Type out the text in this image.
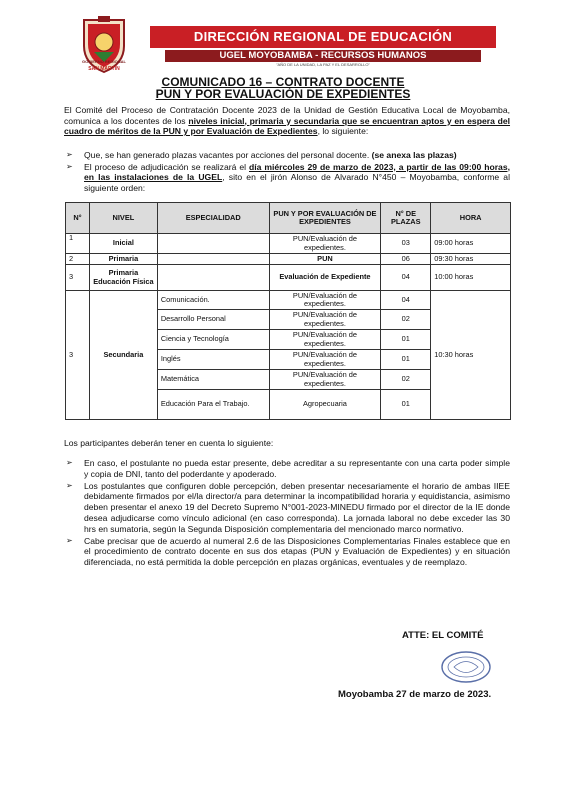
GOBIERNO REGIONAL
SAN MARTÍN
DIRECCIÓN REGIONAL DE EDUCACIÓN
UGEL MOYOBAMBA - RECURSOS HUMANOS
"AÑO DE LA UNIDAD, LA PAZ Y EL DESARROLLO"
COMUNICADO 16 – CONTRATO DOCENTE
PUN Y POR EVALUACIÓN DE EXPEDIENTES
El Comité del Proceso de Contratación Docente 2023 de la Unidad de Gestión Educativa Local de Moyobamba, comunica a los docentes de los niveles inicial, primaria y secundaria que se encuentran aptos y en espera del cuadro de méritos de la PUN y por Evaluación de Expedientes, lo siguiente:
➢ Que, se han generado plazas vacantes por acciones del personal docente. (se anexa las plazas)
➢ El proceso de adjudicación se realizará el día miércoles 29 de marzo de 2023, a partir de las 09:00 horas, en las instalaciones de la UGEL, sito en el jirón Alonso de Alvarado N°450 – Moyobamba, conforme al siguiente orden:
N°	NIVEL	ESPECIALIDAD	PUN Y POR EVALUACIÓN DE EXPEDIENTES	N° DE PLAZAS	HORA
1	Inicial		PUN/Evaluación de expedientes.	03	09:00 horas
2	Primaria		PUN	06	09:30 horas
3	Primaria Educación Física		Evaluación de Expediente	04	10:00 horas
3	Secundaria	Comunicación.	PUN/Evaluación de expedientes.	04	10:30 horas
		Desarrollo Personal	PUN/Evaluación de expedientes.	02	
		Ciencia y Tecnología	PUN/Evaluación de expedientes.	01	
		Inglés	PUN/Evaluación de expedientes.	01	
		Matemática	PUN/Evaluación de expedientes.	02	
		Educación Para el Trabajo.	Agropecuaria	01	
Los participantes deberán tener en cuenta lo siguiente:
➢ En caso, el postulante no pueda estar presente, debe acreditar a su representante con una carta poder simple y copia de DNI, tanto del poderdante y apoderado.
➢ Los postulantes que configuren doble percepción, deben presentar necesariamente el horario de ambas IIEE debidamente firmados por el/la director/a para determinar la incompatibilidad horaria y equidistancia, asimismo deben presentar el anexo 19 del Decreto Supremo N°001-2023-MINEDU firmado por el director de la IE donde desea adjudicarse como vínculo adicional (en caso corresponda). La jornada laboral no debe exceder las 30 hrs en sumatoria, según la Segunda Disposición complementaria del mencionado marco normativo.
➢ Cabe precisar que de acuerdo al numeral 2.6 de las Disposiciones Complementarias Finales establece que en el procedimiento de contrato docente en sus dos etapas (PUN y Evaluación de Expedientes) y en situación diferenciada, no está permitida la doble percepción en plazas orgánicas, eventuales y de reemplazo.
ATTE: EL COMITÉ
Moyobamba 27 de marzo de 2023.
